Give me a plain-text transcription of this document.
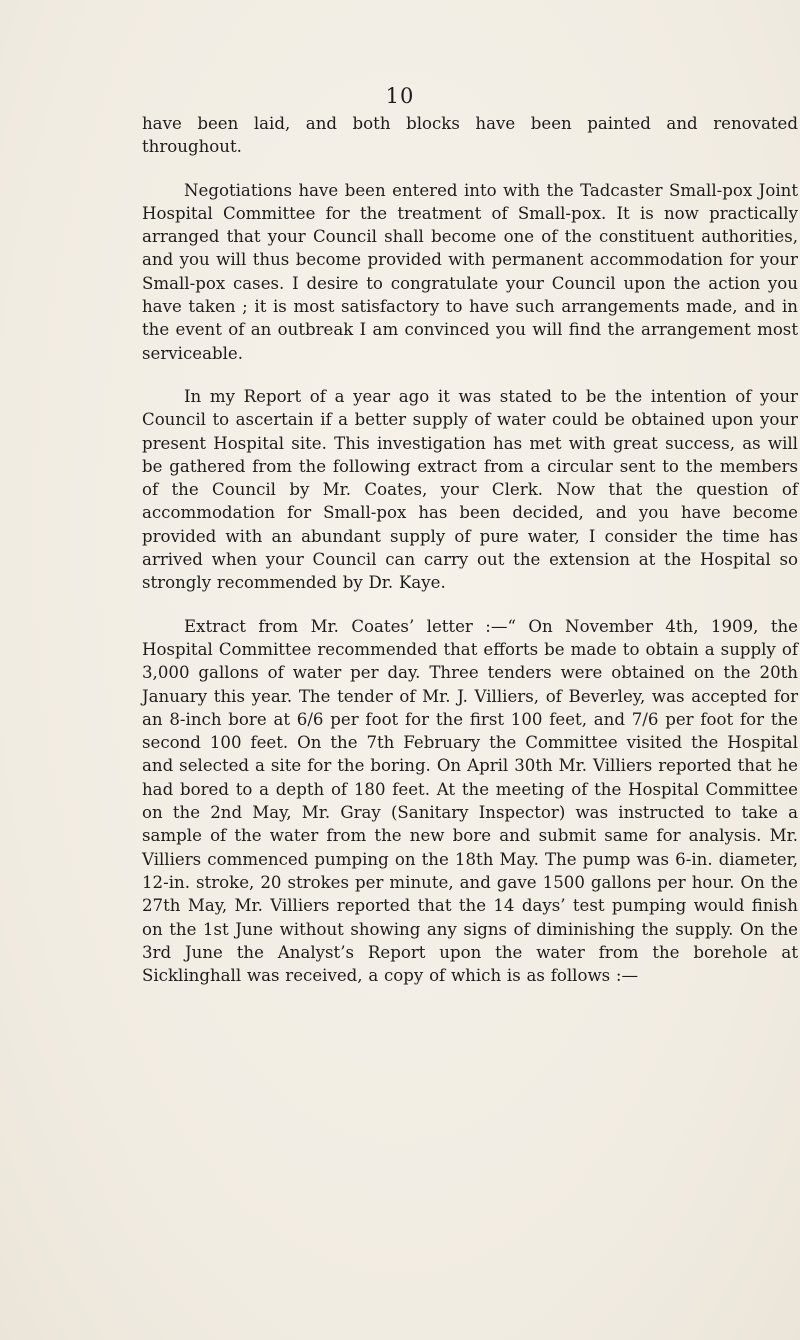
10

have been laid, and both blocks have been painted and renovated throughout.

Negotiations have been entered into with the Tadcaster Small-pox Joint Hospital Committee for the treatment of Small-pox. It is now practically arranged that your Council shall become one of the constituent authorities, and you will thus become provided with permanent accommodation for your Small-pox cases. I desire to congratulate your Council upon the action you have taken ; it is most satisfactory to have such arrangements made, and in the event of an outbreak I am convinced you will find the arrangement most serviceable.

In my Report of a year ago it was stated to be the intention of your Council to ascertain if a better supply of water could be obtained upon your present Hospital site. This investigation has met with great success, as will be gathered from the following extract from a circular sent to the members of the Council by Mr. Coates, your Clerk. Now that the question of accommodation for Small-pox has been decided, and you have become provided with an abundant supply of pure water, I consider the time has arrived when your Council can carry out the extension at the Hospital so strongly recommended by Dr. Kaye.

Extract from Mr. Coates’ letter :—“ On November 4th, 1909, the Hospital Committee recommended that efforts be made to obtain a supply of 3,000 gallons of water per day. Three tenders were obtained on the 20th January this year. The tender of Mr. J. Villiers, of Beverley, was accepted for an 8-inch bore at 6/6 per foot for the first 100 feet, and 7/6 per foot for the second 100 feet. On the 7th February the Committee visited the Hospital and selected a site for the boring. On April 30th Mr. Villiers reported that he had bored to a depth of 180 feet. At the meeting of the Hospital Committee on the 2nd May, Mr. Gray (Sanitary Inspector) was instructed to take a sample of the water from the new bore and submit same for analysis. Mr. Villiers commenced pumping on the 18th May. The pump was 6-in. diameter, 12-in. stroke, 20 strokes per minute, and gave 1500 gallons per hour. On the 27th May, Mr. Villiers reported that the 14 days’ test pumping would finish on the 1st June without showing any signs of diminishing the supply. On the 3rd June the Analyst’s Report upon the water from the borehole at Sicklinghall was received, a copy of which is as follows :—
